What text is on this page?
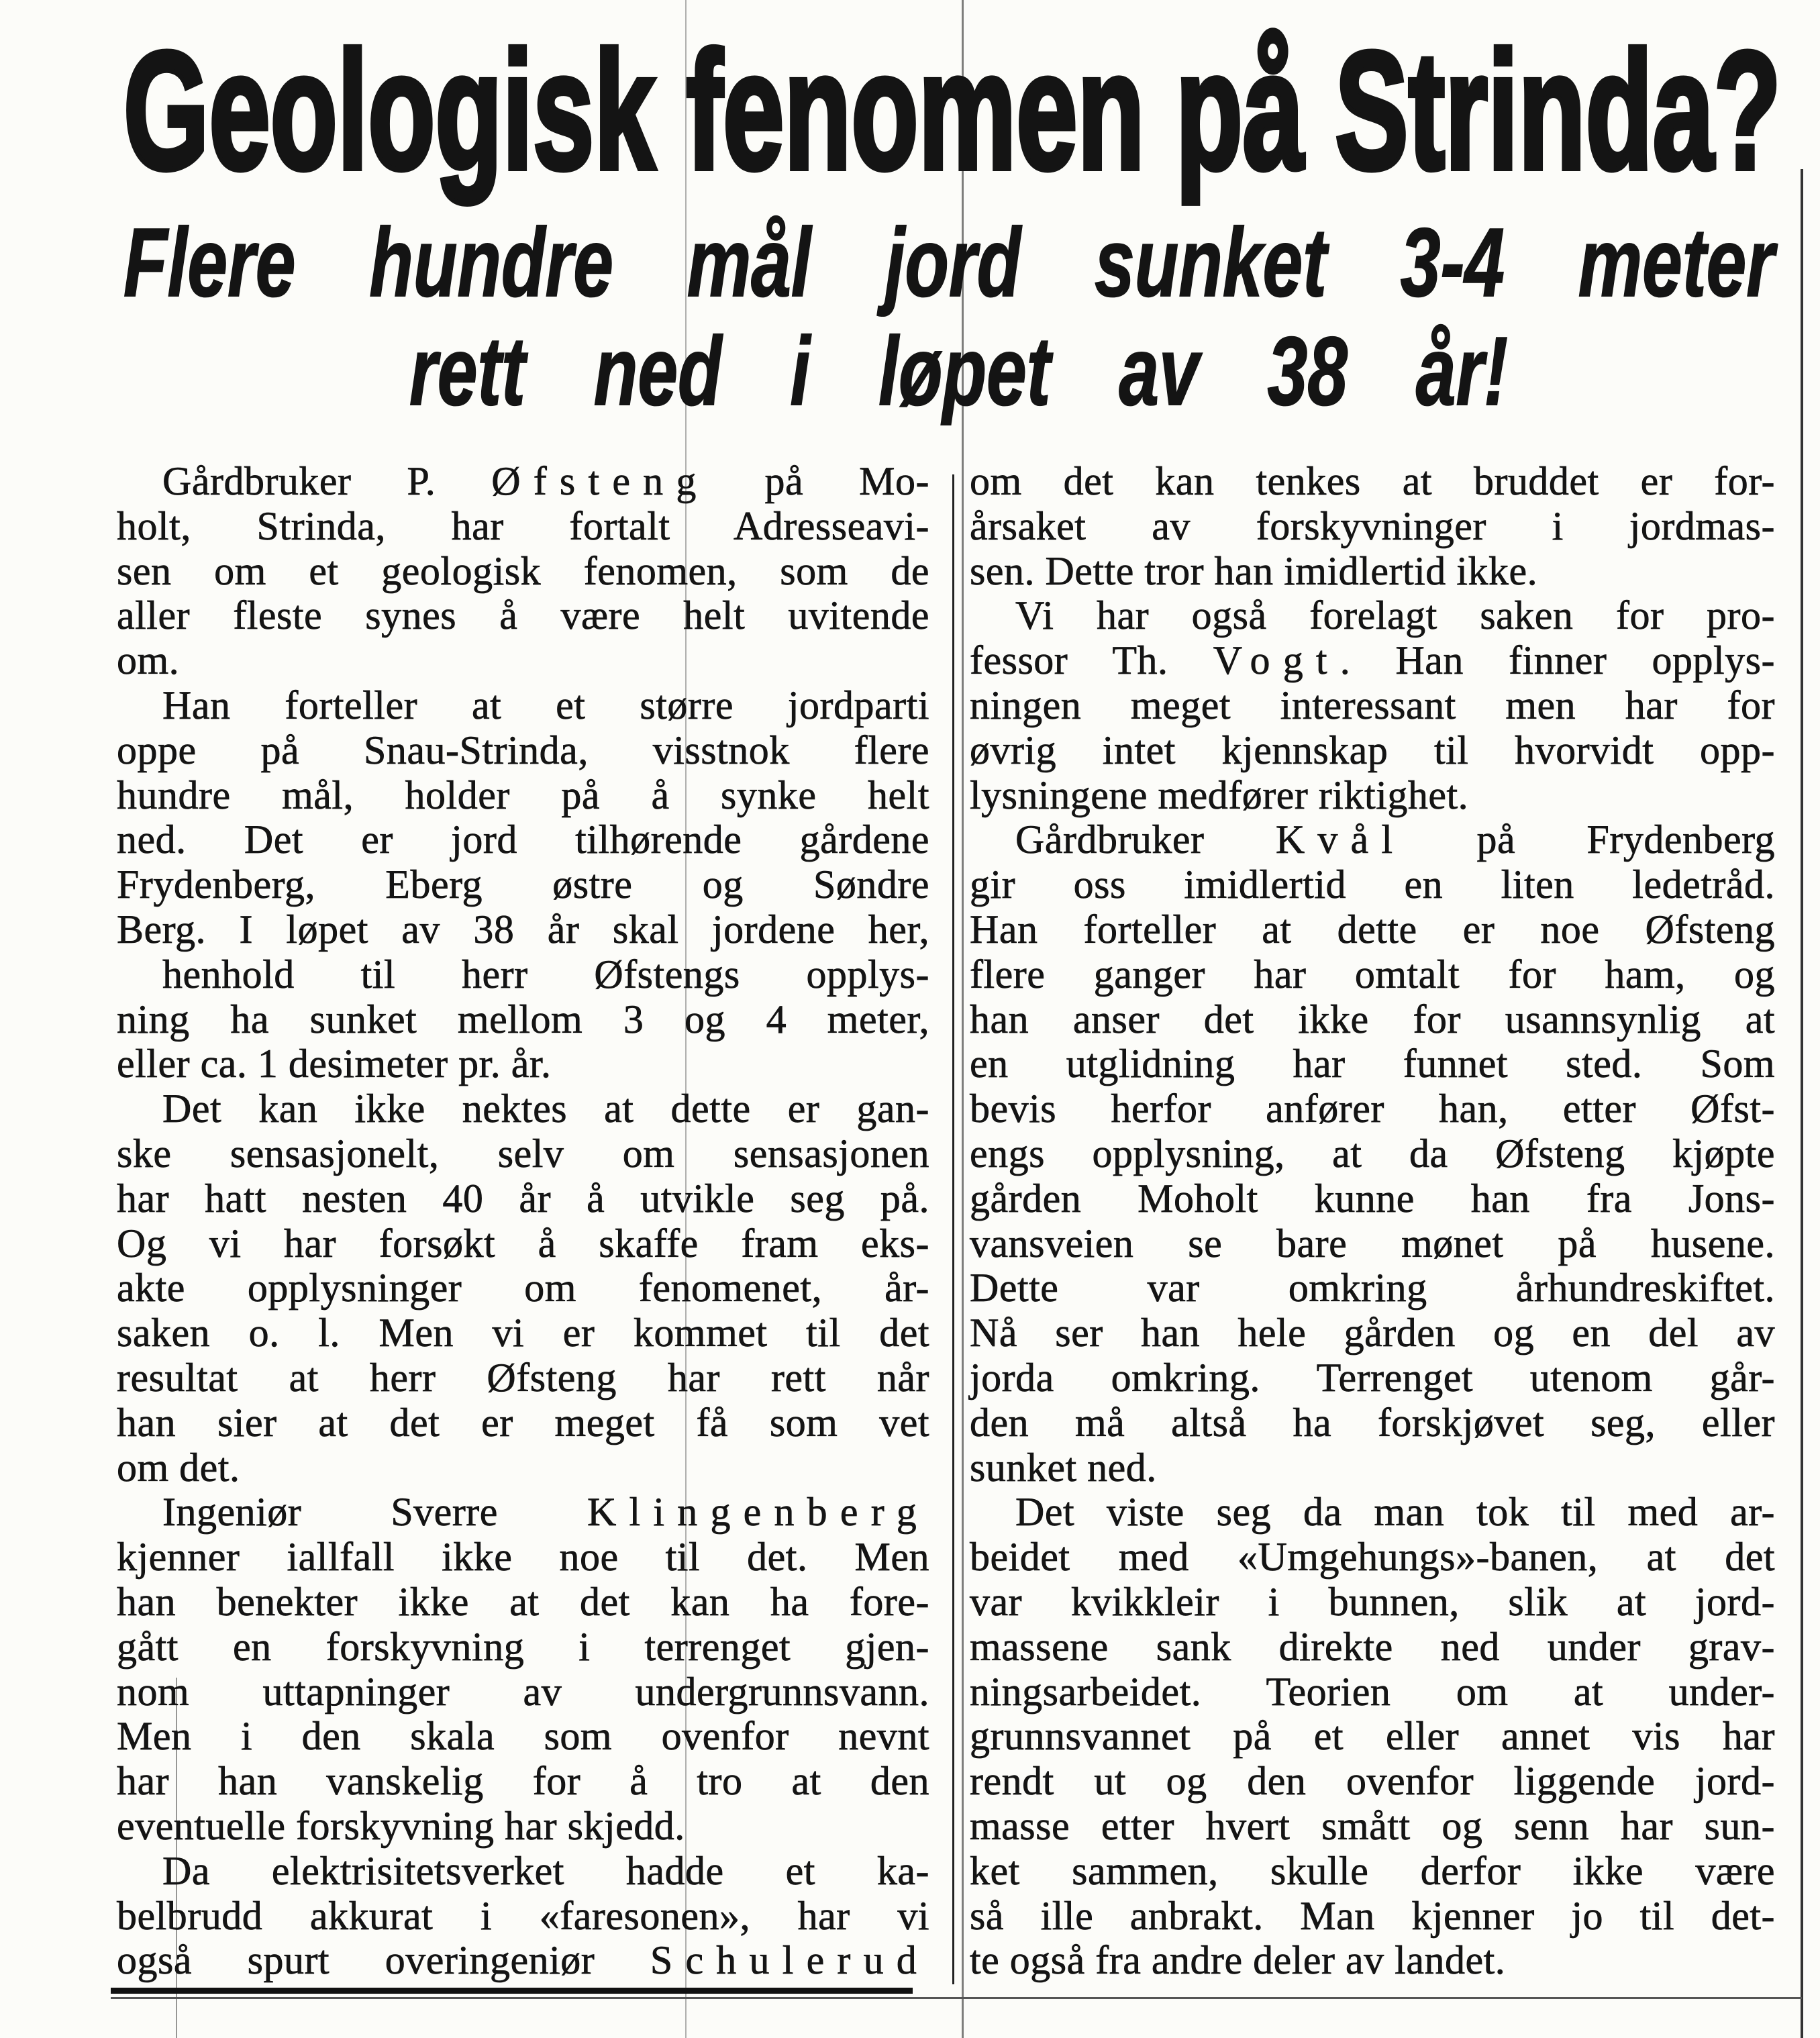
Geologisk fenomen på Strinda?
Flere hundre mål jord sunket 3-4 meter
rett ned i løpet av 38 år!
Gårdbruker P. Øfsteng på Mo-
holt, Strinda, har fortalt Adresseavi-
sen om et geologisk fenomen, som de
aller fleste synes å være helt uvitende
om.
Han forteller at et større jordparti
oppe på Snau-Strinda, visstnok flere
hundre mål, holder på å synke helt
ned. Det er jord tilhørende gårdene
Frydenberg, Eberg østre og Søndre
Berg. I løpet av 38 år skal jordene her,
henhold til herr Øfstengs opplys-
ning ha sunket mellom 3 og 4 meter,
eller ca. 1 desimeter pr. år.
Det kan ikke nektes at dette er gan-
ske sensasjonelt, selv om sensasjonen
har hatt nesten 40 år å utvikle seg på.
Og vi har forsøkt å skaffe fram eks-
akte opplysninger om fenomenet, år-
saken o. l. Men vi er kommet til det
resultat at herr Øfsteng har rett når
han sier at det er meget få som vet
om det.
Ingeniør Sverre Klingenberg
kjenner iallfall ikke noe til det. Men
han benekter ikke at det kan ha fore-
gått en forskyvning i terrenget gjen-
nom uttapninger av undergrunnsvann.
Men i den skala som ovenfor nevnt
har han vanskelig for å tro at den
eventuelle forskyvning har skjedd.
Da elektrisitetsverket hadde et ka-
belbrudd akkurat i «faresonen», har vi
også spurt overingeniør Schulerud
om det kan tenkes at bruddet er for-
årsaket av forskyvninger i jordmas-
sen. Dette tror han imidlertid ikke.
Vi har også forelagt saken for pro-
fessor Th. Vogt. Han finner opplys-
ningen meget interessant men har for
øvrig intet kjennskap til hvorvidt opp-
lysningene medfører riktighet.
Gårdbruker Kvål på Frydenberg
gir oss imidlertid en liten ledetråd.
Han forteller at dette er noe Øfsteng
flere ganger har omtalt for ham, og
han anser det ikke for usannsynlig at
en utglidning har funnet sted. Som
bevis herfor anfører han, etter Øfst-
engs opplysning, at da Øfsteng kjøpte
gården Moholt kunne han fra Jons-
vansveien se bare mønet på husene.
Dette var omkring århundreskiftet.
Nå ser han hele gården og en del av
jorda omkring. Terrenget utenom går-
den må altså ha forskjøvet seg, eller
sunket ned.
Det viste seg da man tok til med ar-
beidet med «Umgehungs»-banen, at det
var kvikkleir i bunnen, slik at jord-
massene sank direkte ned under grav-
ningsarbeidet. Teorien om at under-
grunnsvannet på et eller annet vis har
rendt ut og den ovenfor liggende jord-
masse etter hvert smått og senn har sun-
ket sammen, skulle derfor ikke være
så ille anbrakt. Man kjenner jo til det-
te også fra andre deler av landet.
